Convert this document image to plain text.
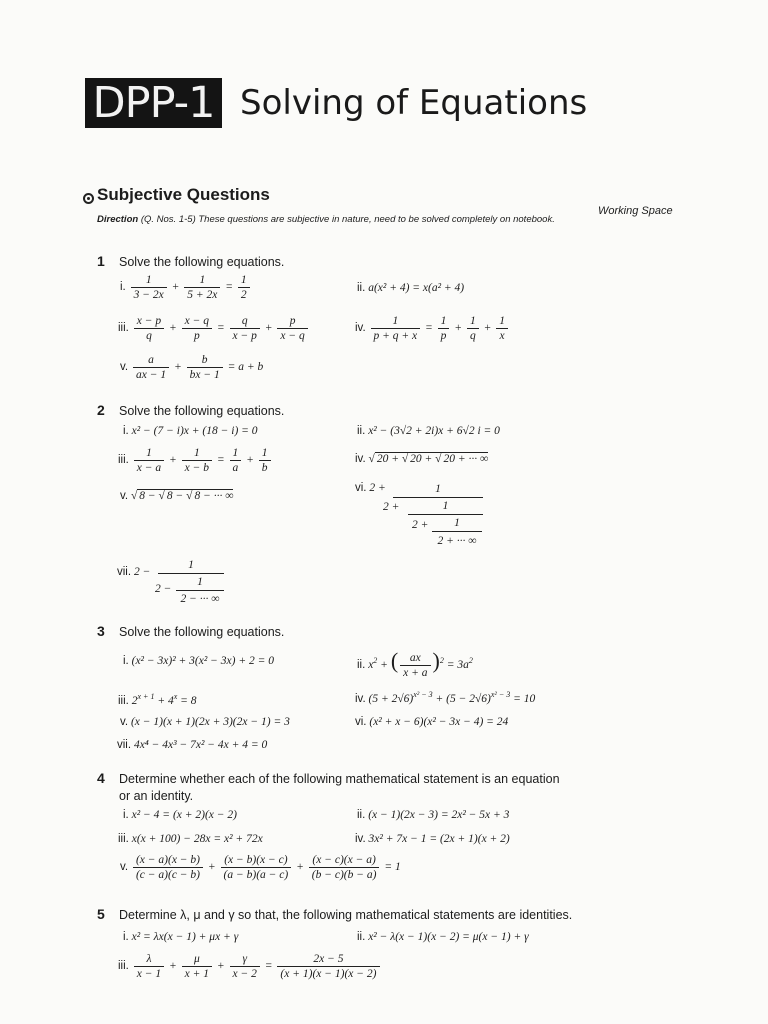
DPP-1 Solving of Equations
Subjective Questions
Working Space
Direction (Q. Nos. 1-5) These questions are subjective in nature, need to be solved completely on notebook.
1 Solve the following equations.
i. $\frac{1}{3 - 2x} + \frac{1}{5 + 2x} = \frac{1}{2}$	ii. a(x² + 4) = x(a² + 4)
iii. $\frac{x - p}{q} + \frac{x - q}{p} = \frac{q}{x - p} + \frac{p}{x - q}$	iv. $\frac{1}{p + q + x} = \frac{1}{p} + \frac{1}{q} + \frac{1}{x}$
v. $\frac{a}{ax - 1} + \frac{b}{bx - 1} = a + b$
2 Solve the following equations.
i. x² − (7 − i)x + (18 − i) = 0	ii. x² − (3√2 + 2i)x + 6√2 i = 0
iii. $\frac{1}{x - a} + \frac{1}{x - b} = \frac{1}{a} + \frac{1}{b}$	iv. √ 20 + √ 20 + √ 20 + ··· ∞
v. √ 8 − √ 8 − √ 8 − ··· ∞
vi. 2 +	1
2 +	1
2 +	1
2 + ··· ∞
vii. 2 −
1
2 −
1
2 − ··· ∞
3 Solve the following equations.
i. (x² − 3x)² + 3(x² − 3x) + 2 = 0	ii. $x^2$ + ( $\frac{ax}{x + a} )^2 = 3a^2$
iii. $2^{x + 1} + 4^x = 8$	iv. $(5 + 2√6)^{x^2 - 3} + (5 - 2√6)^{x^2 - 3} = 10$
v. (x − 1)(x + 1)(2x + 3)(2x − 1) = 3	vi. (x² + x − 6)(x² − 3x − 4) = 24
vii. 4x⁴ − 4x³ − 7x² − 4x + 4 = 0
4 Determine whether each of the following mathematical statement is an equation
or an identity.
i. x² − 4 = (x + 2)(x − 2)	ii. (x − 1)(2x − 3) = 2x² − 5x + 3
iii. x(x + 100) − 28x = x² + 72x	iv. 3x² + 7x − 1 = (2x + 1)(x + 2)
v. $\frac{(x - a)(x - b)}{(c - a)(c - b)} + \frac{(x - b)(x - c)}{(a - b)(a - c)} + \frac{(x - c)(x - a)}{(b - c)(b - a)} = 1$
5 Determine λ, μ and γ so that, the following mathematical statements are identities.
i. x² = λx(x − 1) + μx + γ	ii. x² − λ(x − 1)(x − 2) = μ(x − 1) + γ
iii. $\frac{\lambda}{x - 1} + \frac{\mu}{x + 1} + \frac{\gamma}{x - 2} = \frac{2x - 5}{(x + 1)(x - 1)(x - 2)}$
